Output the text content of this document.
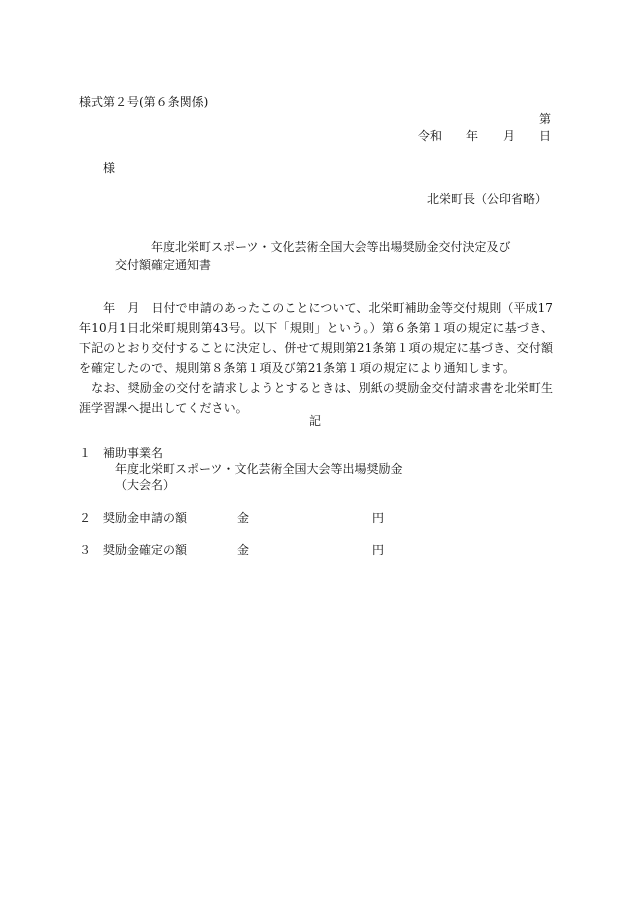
様式第２号(第６条関係)
第
令和 年 月 日
様
北栄町長（公印省略）
年度北栄町スポーツ・文化芸術全国大会等出場奨励金交付決定及び
交付額確定通知書
　　年　月　日付で申請のあったこのことについて、北栄町補助金等交付規則（平成17年10月1日北栄町規則第43号。以下「規則」という。）第６条第１項の規定に基づき、下記のとおり交付することに決定し、併せて規則第21条第１項の規定に基づき、交付額を確定したので、規則第８条第１項及び第21条第１項の規定により通知します。
　なお、奨励金の交付を請求しようとするときは、別紙の奨励金交付請求書を北栄町生涯学習課へ提出してください。
記
１ 補助事業名
年度北栄町スポーツ・文化芸術全国大会等出場奨励金
（大会名）
２ 奨励金申請の額	金	円
３ 奨励金確定の額	金	円
